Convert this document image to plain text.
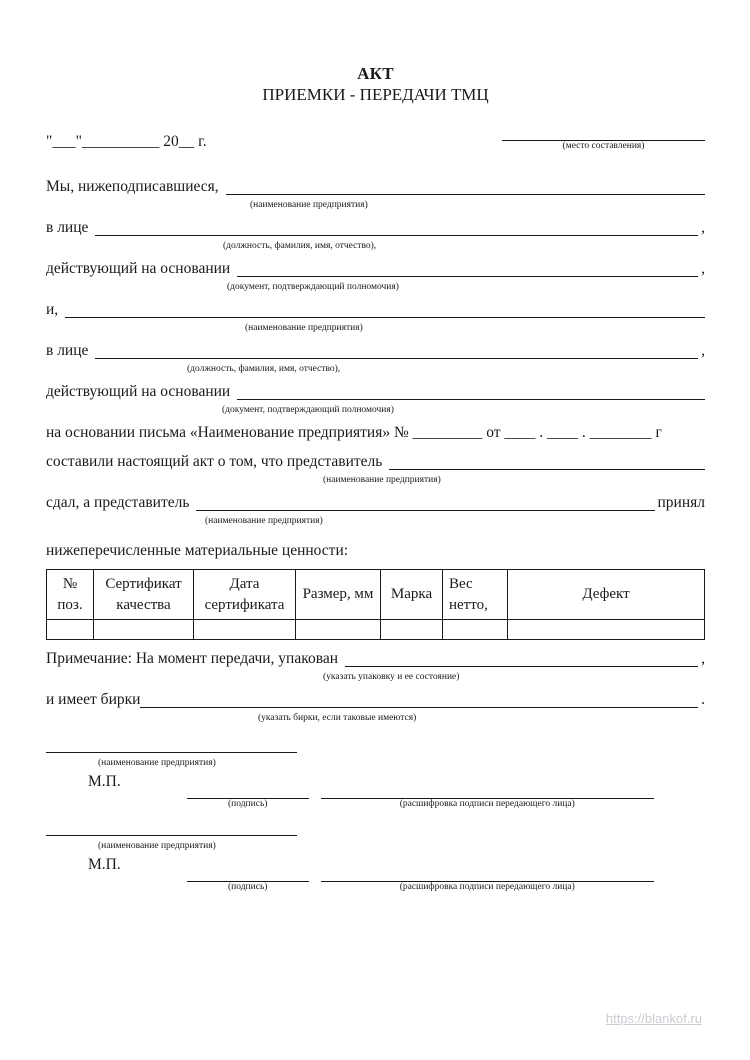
АКТ
ПРИЕМКИ - ПЕРЕДАЧИ ТМЦ
"___"__________ 20__ г.	(место составления)
Мы, нижеподписавшиеся,
(наименование предприятия)
в лице	,
(должность, фамилия, имя, отчество),
действующий на основании	,
(документ, подтверждающий полномочия)
и,
(наименование предприятия)
в лице	,
(должность, фамилия, имя, отчество),
действующий на основании
(документ, подтверждающий полномочия)
на основании письма «Наименование предприятия» № _________ от ____ . ____ . ________ г
составили настоящий акт о том, что представитель
(наименование предприятия)
сдал, а представитель	принял
(наименование предприятия)
нижеперечисленные материальные ценности:
№ поз.	Сертификат качества	Дата сертификата	Размер, мм	Марка	Вес нетто,	Дефект

Примечание: На момент передачи, упакован	,
(указать упаковку и ее состояние)
и имеет бирки	.
(указать бирки, если таковые имеются)
(наименование предприятия)
М.П.
(подпись)	(расшифровка подписи передающего лица)
(наименование предприятия)
М.П.
(подпись)	(расшифровка подписи передающего лица)
https://blankof.ru
